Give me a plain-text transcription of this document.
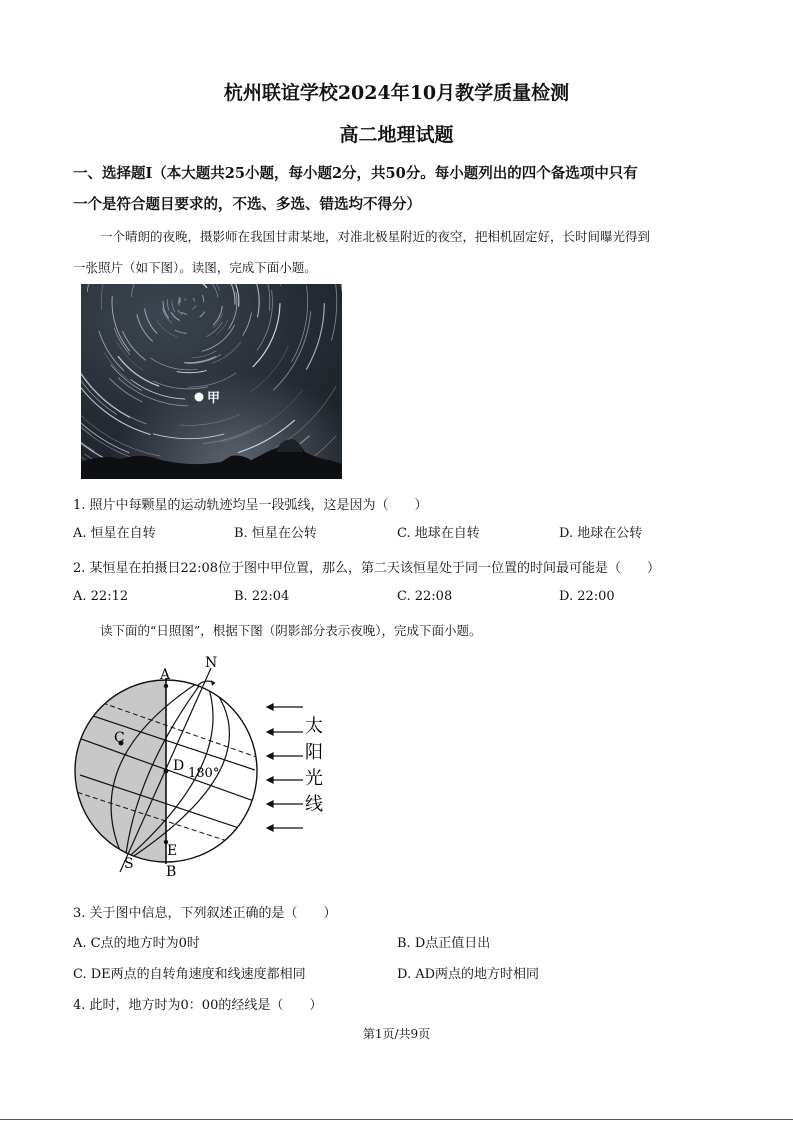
杭州联谊学校2024年10月教学质量检测
高二地理试题
一、选择题Ⅰ（本大题共25小题，每小题2分，共50分。每小题列出的四个备选项中只有
一个是符合题目要求的，不选、多选、错选均不得分）
一个晴朗的夜晚，摄影师在我国甘肃某地，对准北极星附近的夜空，把相机固定好，长时间曝光得到
一张照片（如下图）。读图，完成下面小题。
甲
1. 照片中每颗星的运动轨迹均呈一段弧线，这是因为（　　）
A. 恒星在自转	B. 恒星在公转	C. 地球在自转	D. 地球在公转
2. 某恒星在拍摄日22:08位于图中甲位置，那么，第二天该恒星处于同一位置的时间最可能是（　　）
A. 22:12	B. 22:04	C. 22:08	D. 22:00
读下面的“日照图”，根据下图（阴影部分表示夜晚），完成下面小题。
A
N
C
D 180°
S
E
B
太
阳
光
线
3. 关于图中信息，下列叙述正确的是（　　）
A. C点的地方时为0时	B. D点正值日出
C. DE两点的自转角速度和线速度都相同	D. AD两点的地方时相同
4. 此时，地方时为0：00的经线是（　　）
第1页/共9页
